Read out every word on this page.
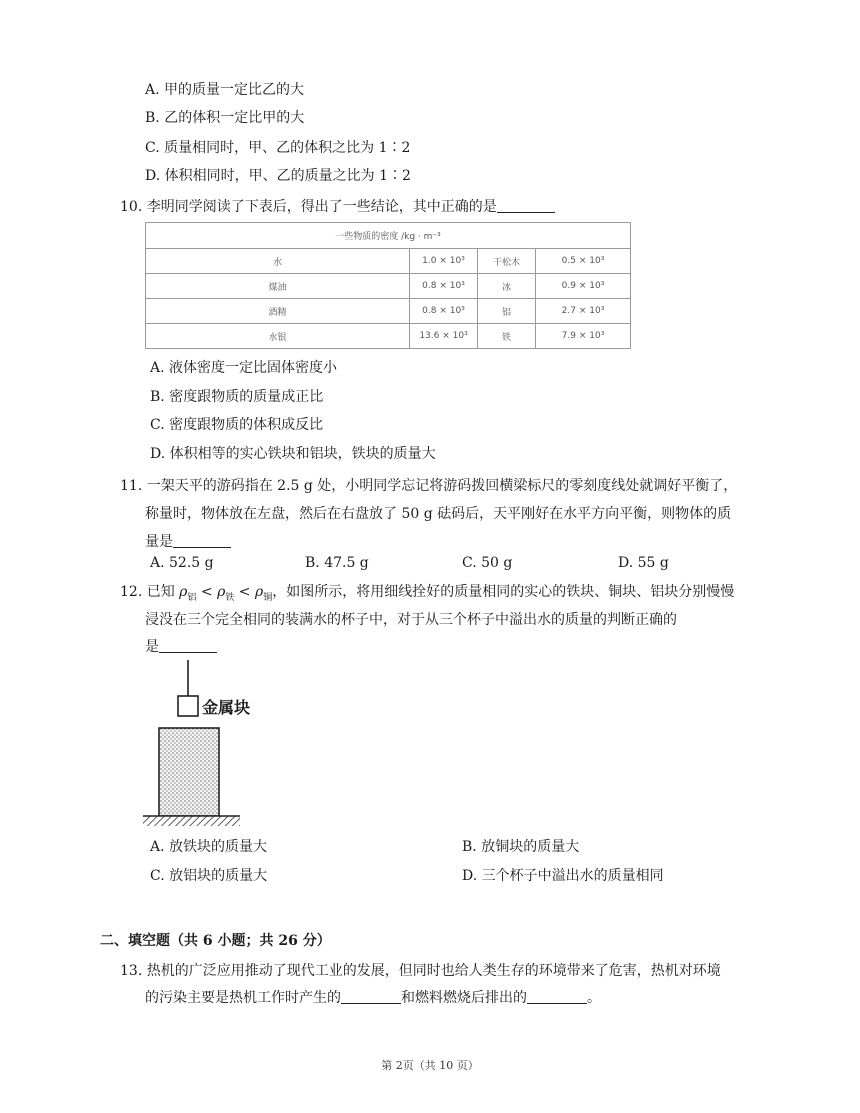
A. 甲的质量一定比乙的大
B. 乙的体积一定比甲的大
C. 质量相同时，甲、乙的体积之比为 1∶2
D. 体积相同时，甲、乙的质量之比为 1∶2
10. 李明同学阅读了下表后，得出了一些结论，其中正确的是
一些物质的密度 /kg · m⁻³			
水	1.0 × 10³	干松木	0.5 × 10³
煤油	0.8 × 10³	冰	0.9 × 10³
酒精	0.8 × 10³	铝	2.7 × 10³
水银	13.6 × 10³	铁	7.9 × 10³
A. 液体密度一定比固体密度小
B. 密度跟物质的质量成正比
C. 密度跟物质的体积成反比
D. 体积相等的实心铁块和铝块，铁块的质量大
11. 一架天平的游码指在 2.5 g 处，小明同学忘记将游码拨回横梁标尺的零刻度线处就调好平衡了，
称量时，物体放在左盘，然后在右盘放了 50 g 砝码后，天平刚好在水平方向平衡，则物体的质
量是
A. 52.5 g	B. 47.5 g	C. 50 g	D. 55 g
12. 已知 $\rho_铝 < \rho_铁 < \rho_铜$，如图所示，将用细线拴好的质量相同的实心的铁块、铜块、铝块分别慢慢
浸没在三个完全相同的装满水的杯子中，对于从三个杯子中溢出水的质量的判断正确的
是
金属块
A. 放铁块的质量大	B. 放铜块的质量大
C. 放铝块的质量大	D. 三个杯子中溢出水的质量相同
二、填空题（共 6 小题；共 26 分）
13. 热机的广泛应用推动了现代工业的发展，但同时也给人类生存的环境带来了危害，热机对环境
的污染主要是热机工作时产生的	和燃料燃烧后排出的	。
第 2页（共 10 页）
